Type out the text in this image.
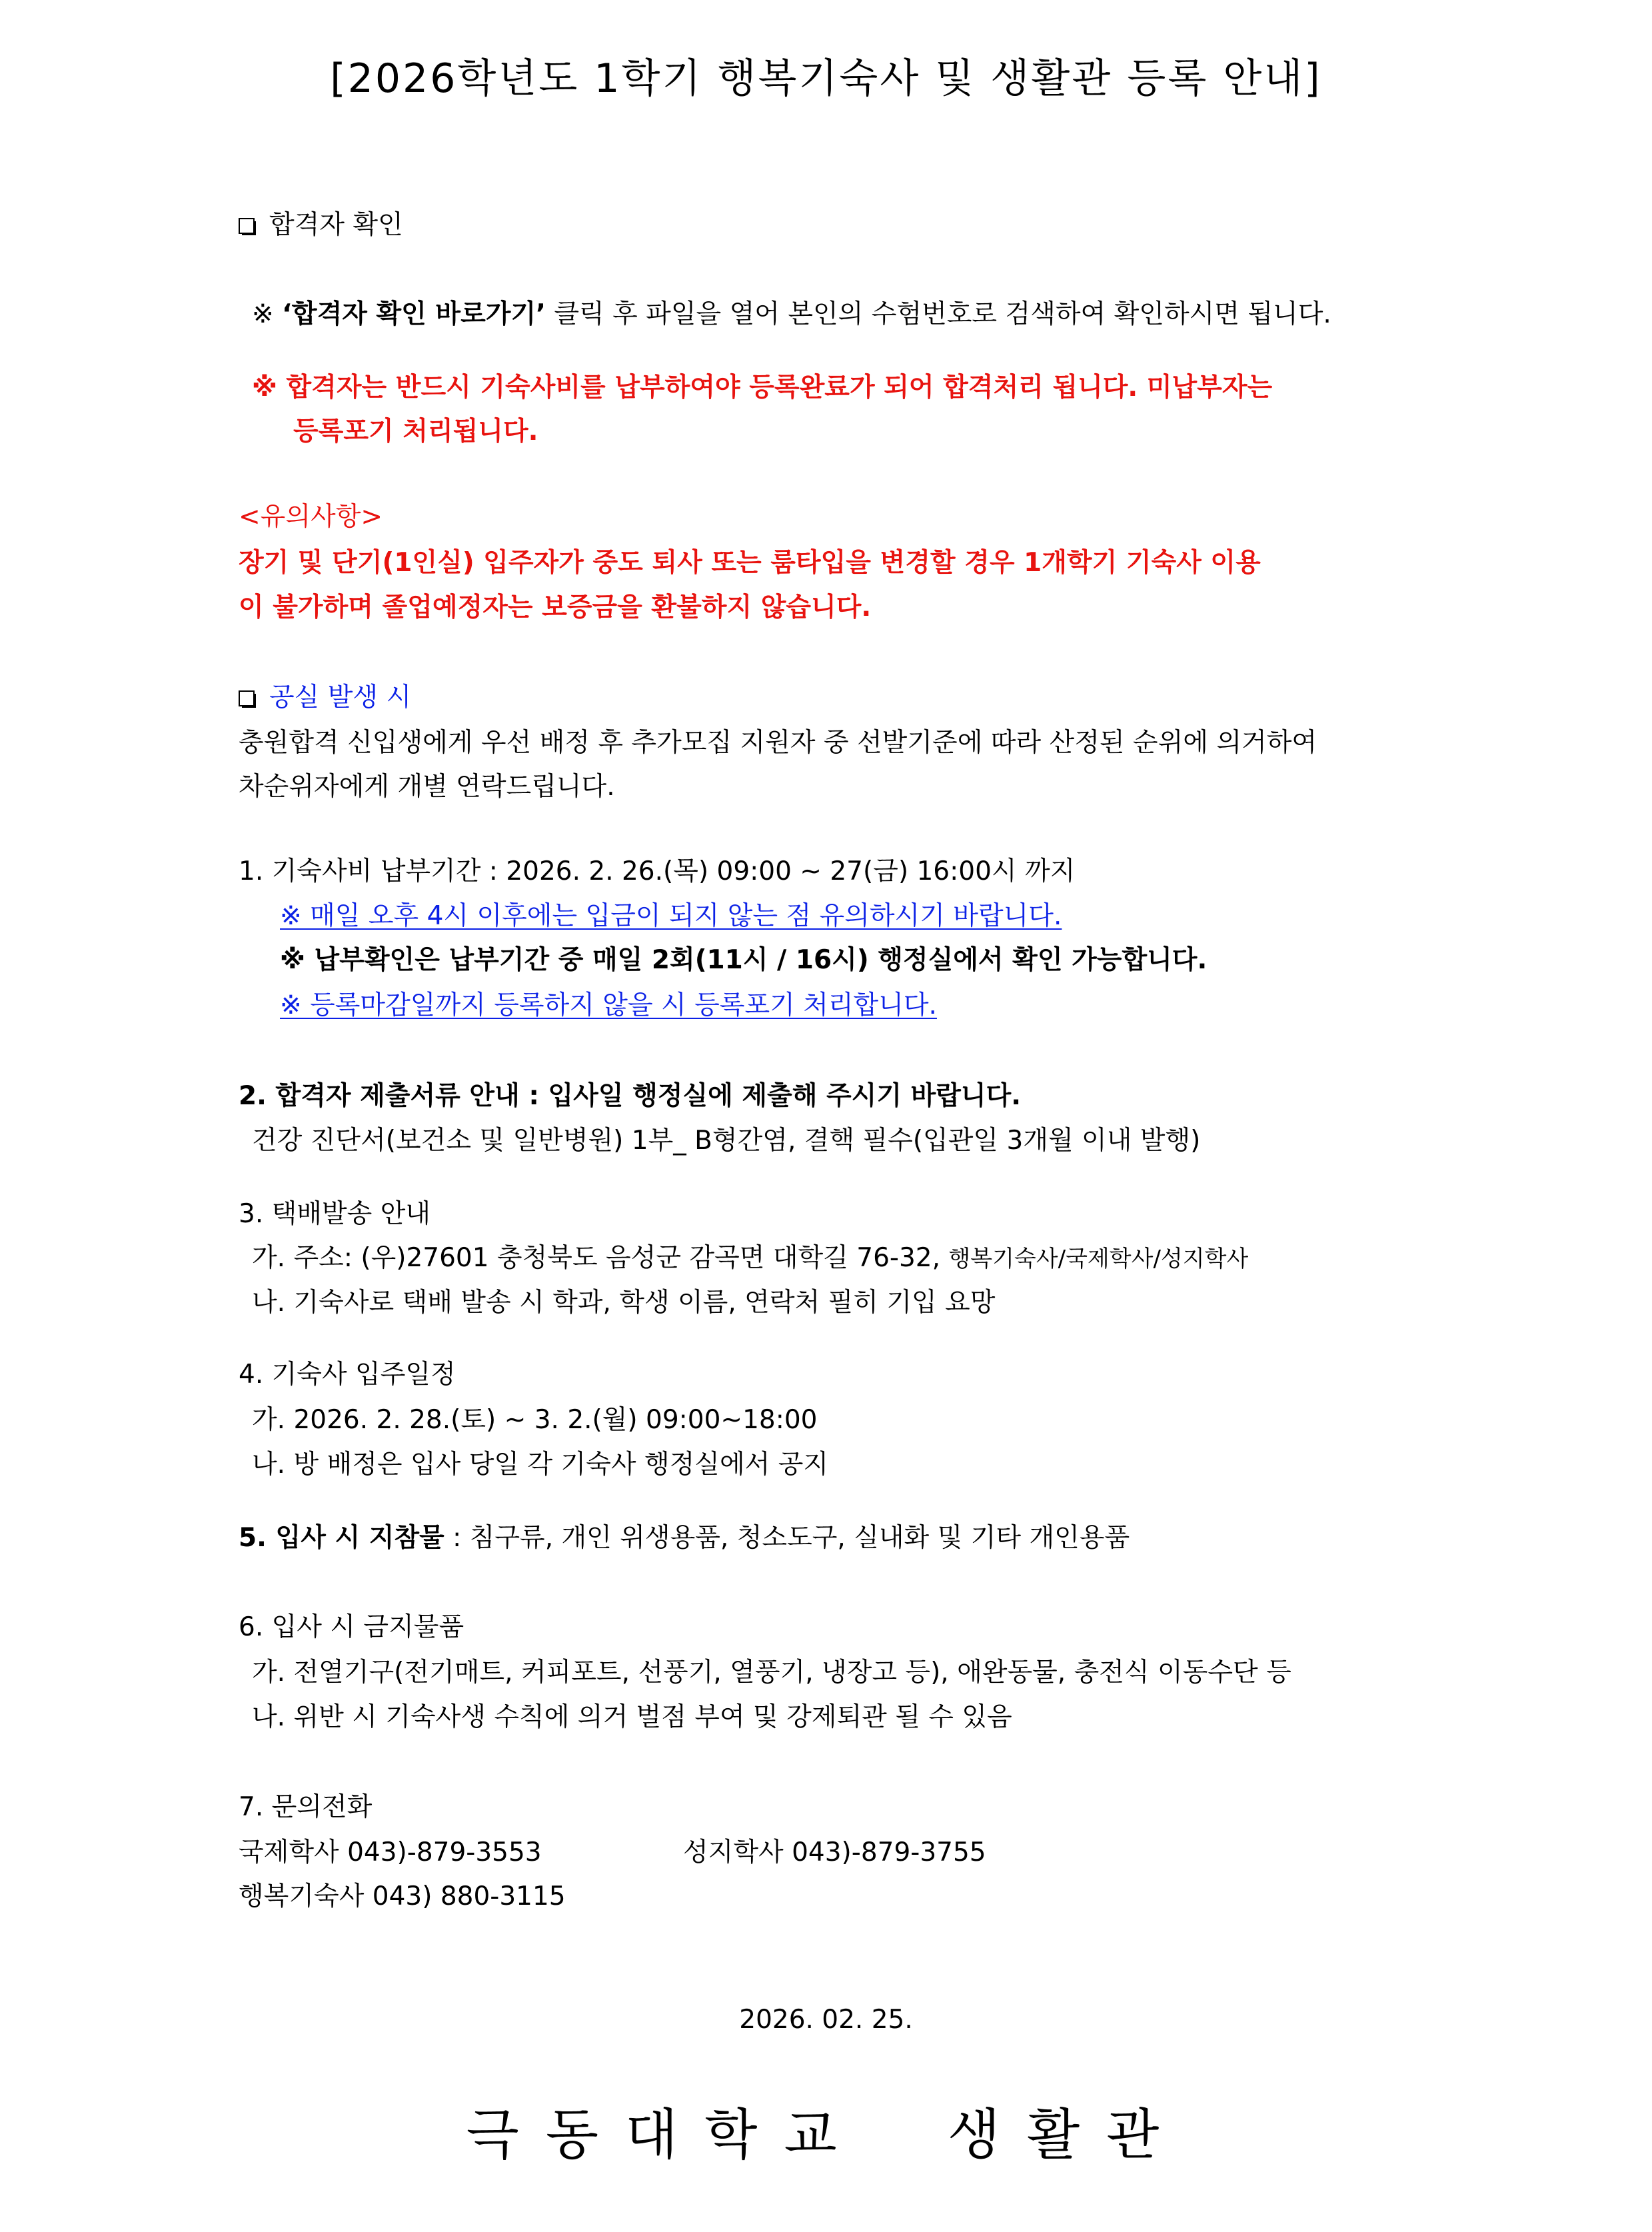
[2026학년도 1학기 행복기숙사 및 생활관 등록 안내]
합격자 확인
※ ‘합격자 확인 바로가기’ 클릭 후 파일을 열어 본인의 수험번호로 검색하여 확인하시면 됩니다.
※ 합격자는 반드시 기숙사비를 납부하여야 등록완료가 되어 합격처리 됩니다. 미납부자는
등록포기 처리됩니다.
<유의사항>
장기 및 단기(1인실) 입주자가 중도 퇴사 또는 룸타입을 변경할 경우 1개학기 기숙사 이용
이 불가하며 졸업예정자는 보증금을 환불하지 않습니다.
공실 발생 시
충원합격 신입생에게 우선 배정 후 추가모집 지원자 중 선발기준에 따라 산정된 순위에 의거하여
차순위자에게 개별 연락드립니다.
1. 기숙사비 납부기간 : 2026. 2. 26.(목) 09:00 ~ 27(금) 16:00시 까지
※ 매일 오후 4시 이후에는 입금이 되지 않는 점 유의하시기 바랍니다.
※ 납부확인은 납부기간 중 매일 2회(11시 / 16시) 행정실에서 확인 가능합니다.
※ 등록마감일까지 등록하지 않을 시 등록포기 처리합니다.
2. 합격자 제출서류 안내 : 입사일 행정실에 제출해 주시기 바랍니다.
건강 진단서(보건소 및 일반병원) 1부_ B형간염, 결핵 필수(입관일 3개월 이내 발행)
3. 택배발송 안내
가. 주소: (우)27601 충청북도 음성군 감곡면 대학길 76-32, 행복기숙사/국제학사/성지학사
나. 기숙사로 택배 발송 시 학과, 학생 이름, 연락처 필히 기입 요망
4. 기숙사 입주일정
가. 2026. 2. 28.(토) ~ 3. 2.(월) 09:00~18:00
나. 방 배정은 입사 당일 각 기숙사 행정실에서 공지
5. 입사 시 지참물 : 침구류, 개인 위생용품, 청소도구, 실내화 및 기타 개인용품
6. 입사 시 금지물품
가. 전열기구(전기매트, 커피포트, 선풍기, 열풍기, 냉장고 등), 애완동물, 충전식 이동수단 등
나. 위반 시 기숙사생 수칙에 의거 벌점 부여 및 강제퇴관 될 수 있음
7. 문의전화
국제학사 043)-879-3553	성지학사 043)-879-3755
행복기숙사 043) 880-3115
2026. 02. 25.
극동대학교 생활관
